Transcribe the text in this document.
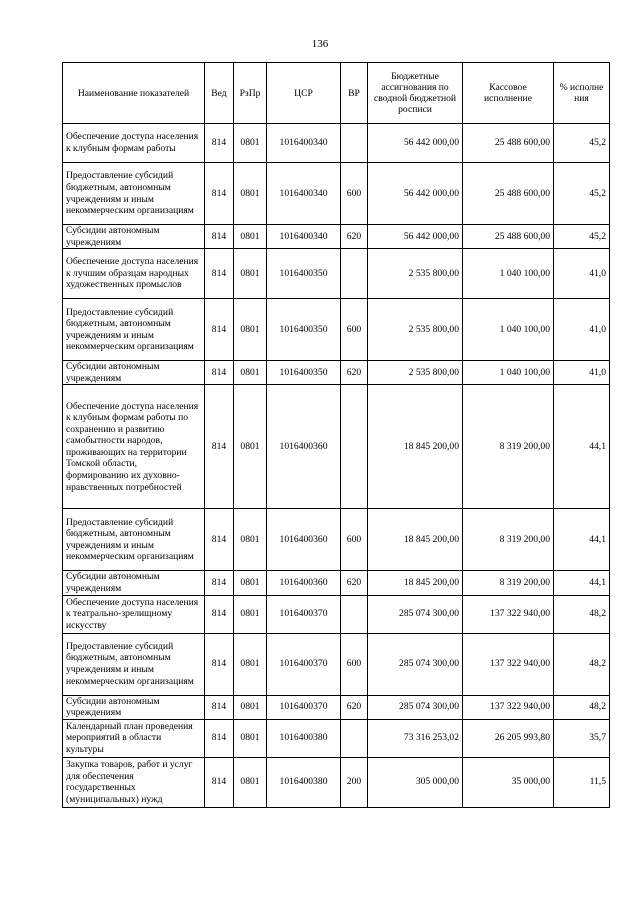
136
Наименование показателей	Вед	РзПр	ЦСР	ВР	Бюджетные ассигнования по сводной бюджетной росписи	Кассовое исполнение	% исполне ния
Обеспечение доступа населения к клубным формам работы	814	0801	1016400340		56 442 000,00	25 488 600,00	45,2
Предоставление субсидий бюджетным, автономным учреждениям и иным некоммерческим организациям	814	0801	1016400340	600	56 442 000,00	25 488 600,00	45,2
Субсидии автономным учреждениям	814	0801	1016400340	620	56 442 000,00	25 488 600,00	45,2
Обеспечение доступа населения к лучшим образцам народных художественных промыслов	814	0801	1016400350		2 535 800,00	1 040 100,00	41,0
Предоставление субсидий бюджетным, автономным учреждениям и иным некоммерческим организациям	814	0801	1016400350	600	2 535 800,00	1 040 100,00	41,0
Субсидии автономным учреждениям	814	0801	1016400350	620	2 535 800,00	1 040 100,00	41,0
Обеспечение доступа населения к клубным формам работы по сохранению и развитию самобытности народов, проживающих на территории Томской области, формированию их духовно-нравственных потребностей	814	0801	1016400360		18 845 200,00	8 319 200,00	44,1
Предоставление субсидий бюджетным, автономным учреждениям и иным некоммерческим организациям	814	0801	1016400360	600	18 845 200,00	8 319 200,00	44,1
Субсидии автономным учреждениям	814	0801	1016400360	620	18 845 200,00	8 319 200,00	44,1
Обеспечение доступа населения к театрально-зрелищному искусству	814	0801	1016400370		285 074 300,00	137 322 940,00	48,2
Предоставление субсидий бюджетным, автономным учреждениям и иным некоммерческим организациям	814	0801	1016400370	600	285 074 300,00	137 322 940,00	48,2
Субсидии автономным учреждениям	814	0801	1016400370	620	285 074 300,00	137 322 940,00	48,2
Календарный план проведения мероприятий в области культуры	814	0801	1016400380		73 316 253,02	26 205 993,80	35,7
Закупка товаров, работ и услуг для обеспечения государственных (муниципальных) нужд	814	0801	1016400380	200	305 000,00	35 000,00	11,5
